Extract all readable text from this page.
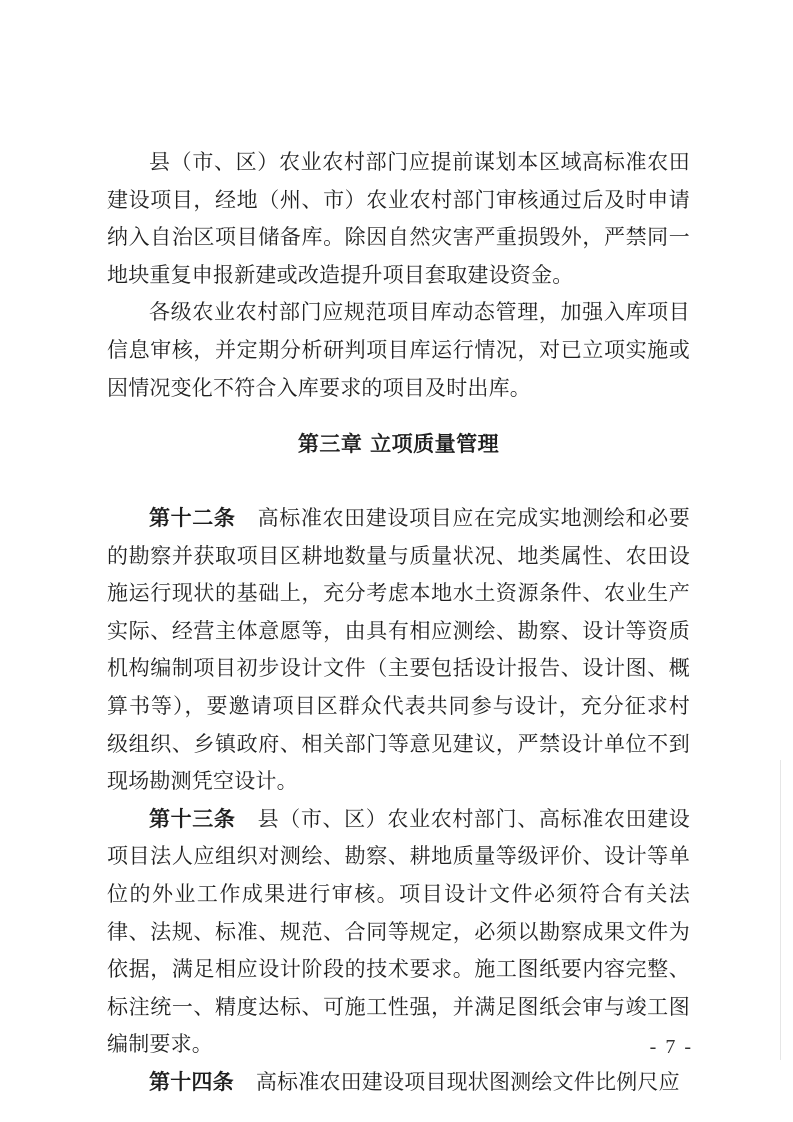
县（市、区）农业农村部门应提前谋划本区域高标准农田建设项目，经地（州、市）农业农村部门审核通过后及时申请纳入自治区项目储备库。除因自然灾害严重损毁外，严禁同一地块重复申报新建或改造提升项目套取建设资金。

各级农业农村部门应规范项目库动态管理，加强入库项目信息审核，并定期分析研判项目库运行情况，对已立项实施或因情况变化不符合入库要求的项目及时出库。

第三章 立项质量管理

第十二条 高标准农田建设项目应在完成实地测绘和必要的勘察并获取项目区耕地数量与质量状况、地类属性、农田设施运行现状的基础上，充分考虑本地水土资源条件、农业生产实际、经营主体意愿等，由具有相应测绘、勘察、设计等资质机构编制项目初步设计文件（主要包括设计报告、设计图、概算书等），要邀请项目区群众代表共同参与设计，充分征求村级组织、乡镇政府、相关部门等意见建议，严禁设计单位不到现场勘测凭空设计。

第十三条 县（市、区）农业农村部门、高标准农田建设项目法人应组织对测绘、勘察、耕地质量等级评价、设计等单位的外业工作成果进行审核。项目设计文件必须符合有关法律、法规、标准、规范、合同等规定，必须以勘察成果文件为依据，满足相应设计阶段的技术要求。施工图纸要内容完整、标注统一、精度达标、可施工性强，并满足图纸会审与竣工图编制要求。

第十四条 高标准农田建设项目现状图测绘文件比例尺应

- 7 -
